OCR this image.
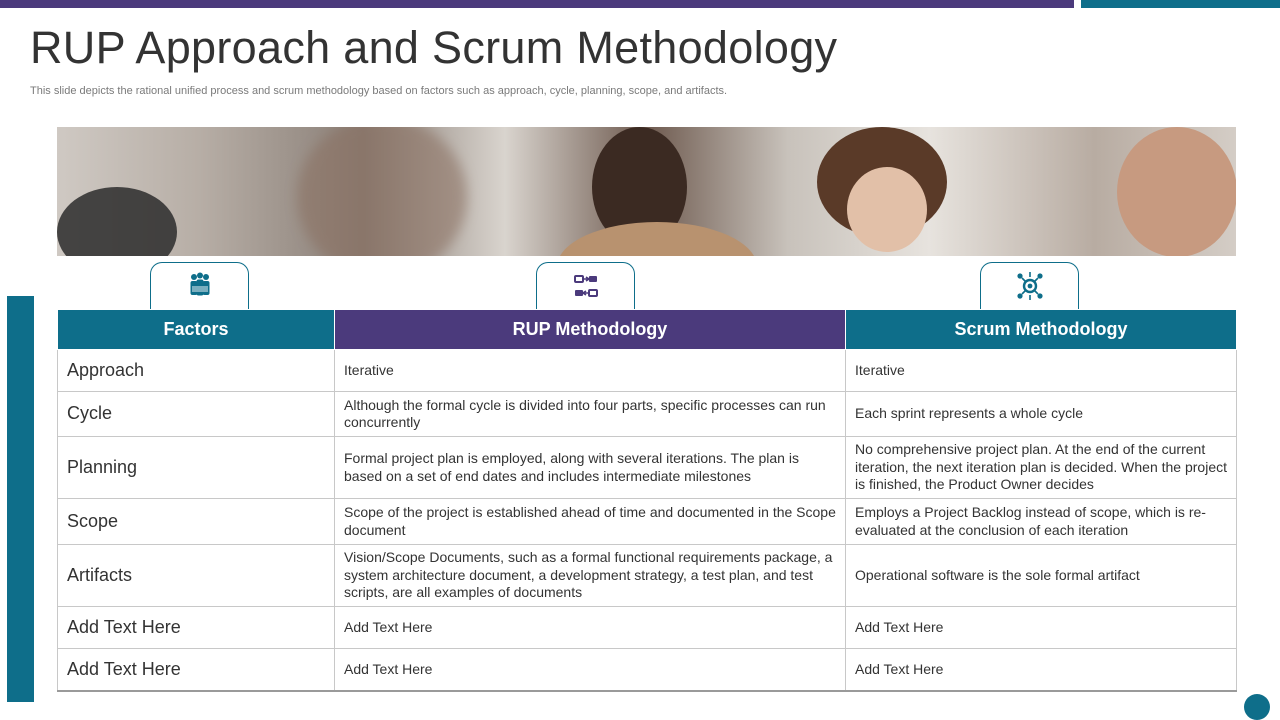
RUP Approach and Scrum Methodology
This slide depicts the rational unified process and scrum methodology based on factors such as approach, cycle, planning, scope, and artifacts.
Factors	RUP Methodology	Scrum Methodology
Approach	Iterative	Iterative
Cycle	Although the formal cycle is divided into four parts, specific processes can run concurrently	Each sprint represents a whole cycle
Planning	Formal project plan is employed, along with several iterations. The plan is based on a set of end dates and includes intermediate milestones	No comprehensive project plan. At the end of the current iteration, the next iteration plan is decided. When the project is finished, the Product Owner decides
Scope	Scope of the project is established ahead of time and documented in the Scope document	Employs a Project Backlog instead of scope, which is re-evaluated at the conclusion of each iteration
Artifacts	Vision/Scope Documents, such as a formal functional requirements package, a system architecture document, a development strategy, a test plan, and test scripts, are all examples of documents	Operational software is the sole formal artifact
Add Text Here	Add Text Here	Add Text Here
Add Text Here	Add Text Here	Add Text Here
